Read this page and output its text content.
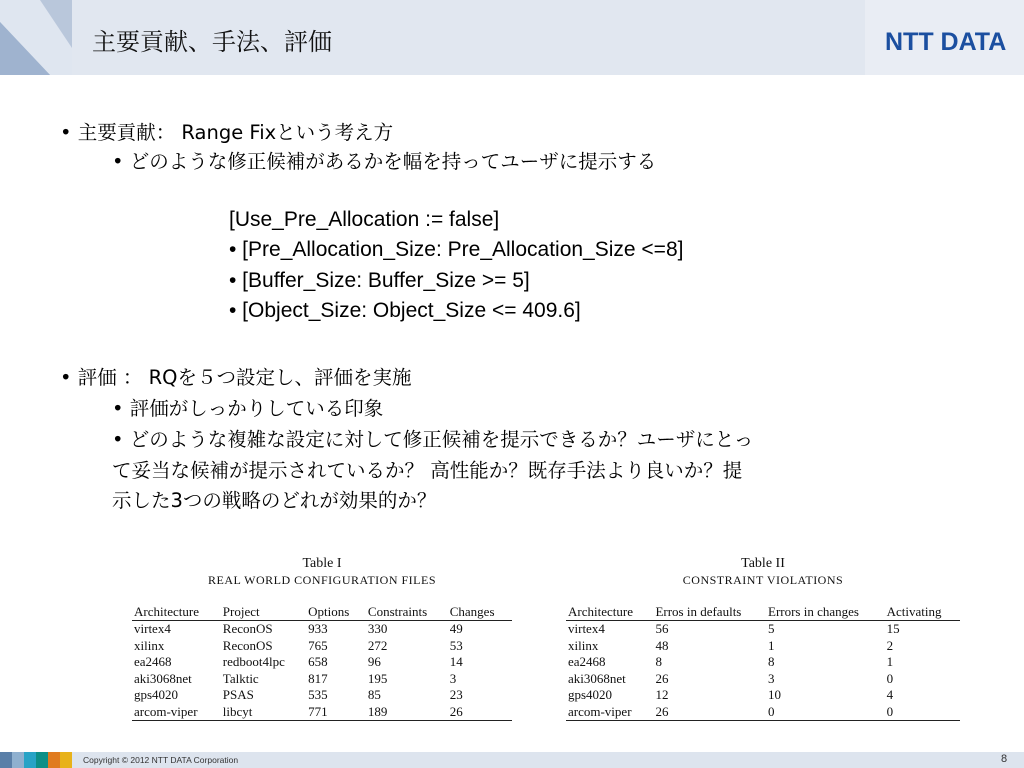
主要貢献、手法、評価	NTT DATA
• 主要貢献： Range Fixという考え方
• どのような修正候補があるかを幅を持ってユーザに提示する
[Use_Pre_Allocation := false]
• [Pre_Allocation_Size: Pre_Allocation_Size <=8]
• [Buffer_Size: Buffer_Size >= 5]
• [Object_Size: Object_Size <= 409.6]
• 評価 ： RQを５つ設定し、評価を実施
• 評価がしっかりしている印象
• どのような複雑な設定に対して修正候補を提示できるか？ユーザにとっ
て妥当な候補が提示されているか？ 高性能か？既存手法より良いか？提
示した3つの戦略のどれが効果的か？
Table I
REAL WORLD CONFIGURATION FILES
Architecture	Project	Options	Constraints	Changes
virtex4	ReconOS	933	330	49
xilinx	ReconOS	765	272	53
ea2468	redboot4lpc	658	96	14
aki3068net	Talktic	817	195	3
gps4020	PSAS	535	85	23
arcom-viper	libcyt	771	189	26
Table II
CONSTRAINT VIOLATIONS
Architecture	Erros in defaults	Errors in changes	Activating
virtex4	56	5	15
xilinx	48	1	2
ea2468	8	8	1
aki3068net	26	3	0
gps4020	12	10	4
arcom-viper	26	0	0
Copyright © 2012 NTT DATA Corporation	8
